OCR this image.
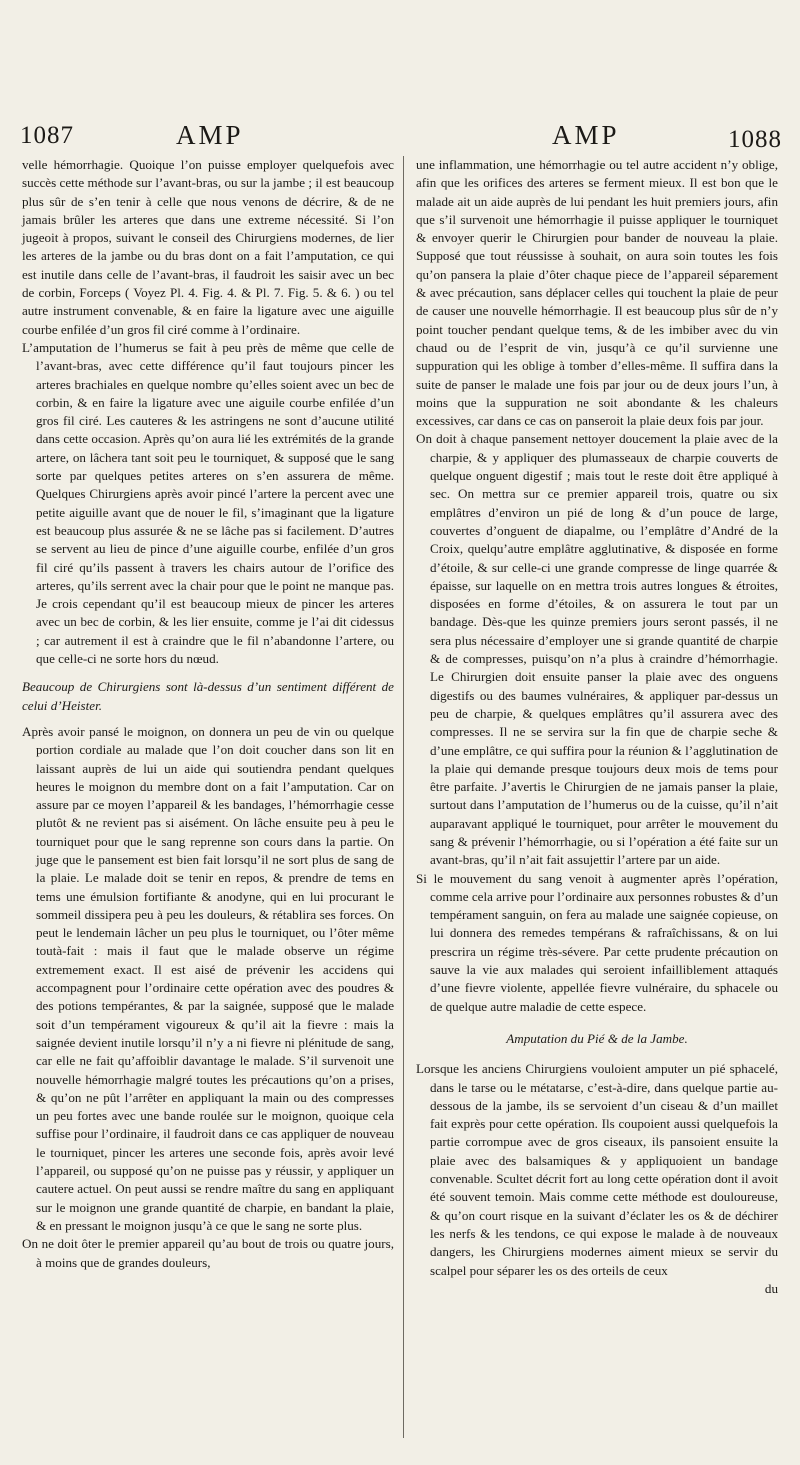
1087	AMP	AMP	1088

velle hémorrhagie. Quoique l’on puisse employer quelquefois avec succès cette méthode sur l’avant-bras, ou sur la jambe ; il est beaucoup plus sûr de s’en tenir à celle que nous venons de décrire, & de ne jamais brûler les arteres que dans une extreme nécessité. Si l’on jugeoit à propos, suivant le conseil des Chirurgiens modernes, de lier les arteres de la jambe ou du bras dont on a fait l’amputation, ce qui est inutile dans celle de l’avant-bras, il faudroit les saisir avec un bec de corbin, Forceps ( Voyez Pl. 4. Fig. 4. & Pl. 7. Fig. 5. & 6. ) ou tel autre instrument convenable, & en faire la ligature avec une aiguille courbe enfilée d’un gros fil ciré comme à l’ordinaire.

L’amputation de l’humerus se fait à peu près de même que celle de l’avant-bras, avec cette différence qu’il faut toujours pincer les arteres brachiales en quelque nombre qu’elles soient avec un bec de corbin, & en faire la ligature avec une aiguile courbe enfilée d’un gros fil ciré. Les cauteres & les astringens ne sont d’aucune utilité dans cette occasion. Après qu’on aura lié les extrémités de la grande artere, on lâchera tant soit peu le tourniquet, & supposé que le sang sorte par quelques petites arteres on s’en assurera de même. Quelques Chirurgiens après avoir pincé l’artere la percent avec une petite aiguille avant que de nouer le fil, s’imaginant que la ligature est beaucoup plus assurée & ne se lâche pas si facilement. D’autres se servent au lieu de pince d’une aiguille courbe, enfilée d’un gros fil ciré qu’ils passent à travers les chairs autour de l’orifice des arteres, qu’ils serrent avec la chair pour que le point ne manque pas. Je crois cependant qu’il est beaucoup mieux de pincer les arteres avec un bec de corbin, & les lier ensuite, comme je l’ai dit cidessus ; car autrement il est à craindre que le fil n’abandonne l’artere, ou que celle-ci ne sorte hors du nœud.

Beaucoup de Chirurgiens sont là-dessus d’un sentiment différent de celui d’Heister.

Après avoir pansé le moignon, on donnera un peu de vin ou quelque portion cordiale au malade que l’on doit coucher dans son lit en laissant auprès de lui un aide qui soutiendra pendant quelques heures le moignon du membre dont on a fait l’amputation. Car on assure par ce moyen l’appareil & les bandages, l’hémorrhagie cesse plutôt & ne revient pas si aisément. On lâche ensuite peu à peu le tourniquet pour que le sang reprenne son cours dans la partie. On juge que le pansement est bien fait lorsqu’il ne sort plus de sang de la plaie. Le malade doit se tenir en repos, & prendre de tems en tems une émulsion fortifiante & anodyne, qui en lui procurant le sommeil dissipera peu à peu les douleurs, & rétablira ses forces. On peut le lendemain lâcher un peu plus le tourniquet, ou l’ôter même toutà-fait : mais il faut que le malade observe un régime extremement exact. Il est aisé de prévenir les accidens qui accompagnent pour l’ordinaire cette opération avec des poudres & des potions tempérantes, & par la saignée, supposé que le malade soit d’un tempérament vigoureux & qu’il ait la fievre : mais la saignée devient inutile lorsqu’il n’y a ni fievre ni plénitude de sang, car elle ne fait qu’affoiblir davantage le malade. S’il survenoit une nouvelle hémorrhagie malgré toutes les précautions qu’on a prises, & qu’on ne pût l’arrêter en appliquant la main ou des compresses un peu fortes avec une bande roulée sur le moignon, quoique cela suffise pour l’ordinaire, il faudroit dans ce cas appliquer de nouveau le tourniquet, pincer les arteres une seconde fois, après avoir levé l’appareil, ou supposé qu’on ne puisse pas y réussir, y appliquer un cautere actuel. On peut aussi se rendre maître du sang en appliquant sur le moignon une grande quantité de charpie, en bandant la plaie, & en pressant le moignon jusqu’à ce que le sang ne sorte plus.

On ne doit ôter le premier appareil qu’au bout de trois ou quatre jours, à moins que de grandes douleurs,

une inflammation, une hémorrhagie ou tel autre accident n’y oblige, afin que les orifices des arteres se ferment mieux. Il est bon que le malade ait un aide auprès de lui pendant les huit premiers jours, afin que s’il survenoit une hémorrhagie il puisse appliquer le tourniquet & envoyer querir le Chirurgien pour bander de nouveau la plaie. Supposé que tout réussisse à souhait, on aura soin toutes les fois qu’on pansera la plaie d’ôter chaque piece de l’appareil séparement & avec précaution, sans déplacer celles qui touchent la plaie de peur de causer une nouvelle hémorrhagie. Il est beaucoup plus sûr de n’y point toucher pendant quelque tems, & de les imbiber avec du vin chaud ou de l’esprit de vin, jusqu’à ce qu’il survienne une suppuration qui les oblige à tomber d’elles-même. Il suffira dans la suite de panser le malade une fois par jour ou de deux jours l’un, à moins que la suppuration ne soit abondante & les chaleurs excessives, car dans ce cas on panseroit la plaie deux fois par jour.

On doit à chaque pansement nettoyer doucement la plaie avec de la charpie, & y appliquer des plumasseaux de charpie couverts de quelque onguent digestif ; mais tout le reste doit être appliqué à sec. On mettra sur ce premier appareil trois, quatre ou six emplâtres d’environ un pié de long & d’un pouce de large, couvertes d’onguent de diapalme, ou l’emplâtre d’André de la Croix, quelqu’autre emplâtre agglutinative, & disposée en forme d’étoile, & sur celle-ci une grande compresse de linge quarrée & épaisse, sur laquelle on en mettra trois autres longues & étroites, disposées en forme d’étoiles, & on assurera le tout par un bandage. Dès-que les quinze premiers jours seront passés, il ne sera plus nécessaire d’employer une si grande quantité de charpie & de compresses, puisqu’on n’a plus à craindre d’hémorrhagie. Le Chirurgien doit ensuite panser la plaie avec des onguens digestifs ou des baumes vulnéraires, & appliquer par-dessus un peu de charpie, & quelques emplâtres qu’il assurera avec des compresses. Il ne se servira sur la fin que de charpie seche & d’une emplâtre, ce qui suffira pour la réunion & l’agglutination de la plaie qui demande presque toujours deux mois de tems pour être parfaite. J’avertis le Chirurgien de ne jamais panser la plaie, surtout dans l’amputation de l’humerus ou de la cuisse, qu’il n’ait auparavant appliqué le tourniquet, pour arrêter le mouvement du sang & prévenir l’hémorrhagie, ou si l’opération a été faite sur un avant-bras, qu’il n’ait fait assujettir l’artere par un aide.

Si le mouvement du sang venoit à augmenter après l’opération, comme cela arrive pour l’ordinaire aux personnes robustes & d’un tempérament sanguin, on fera au malade une saignée copieuse, on lui donnera des remedes tempérans & rafraîchissans, & on lui prescrira un régime très-sévere. Par cette prudente précaution on sauve la vie aux malades qui seroient infailliblement attaqués d’une fievre violente, appellée fievre vulnéraire, du sphacele ou de quelque autre maladie de cette espece.

Amputation du Pié & de la Jambe.

Lorsque les anciens Chirurgiens vouloient amputer un pié sphacelé, dans le tarse ou le métatarse, c’est-à-dire, dans quelque partie au-dessous de la jambe, ils se servoient d’un ciseau & d’un maillet fait exprès pour cette opération. Ils coupoient aussi quelquefois la partie corrompue avec de gros ciseaux, ils pansoient ensuite la plaie avec des balsamiques & y appliquoient un bandage convenable. Scultet décrit fort au long cette opération dont il avoit été souvent temoin. Mais comme cette méthode est douloureuse, & qu’on court risque en la suivant d’éclater les os & de déchirer les nerfs & les tendons, ce qui expose le malade à de nouveaux dangers, les Chirurgiens modernes aiment mieux se servir du scalpel pour séparer les os des orteils de ceux

du
